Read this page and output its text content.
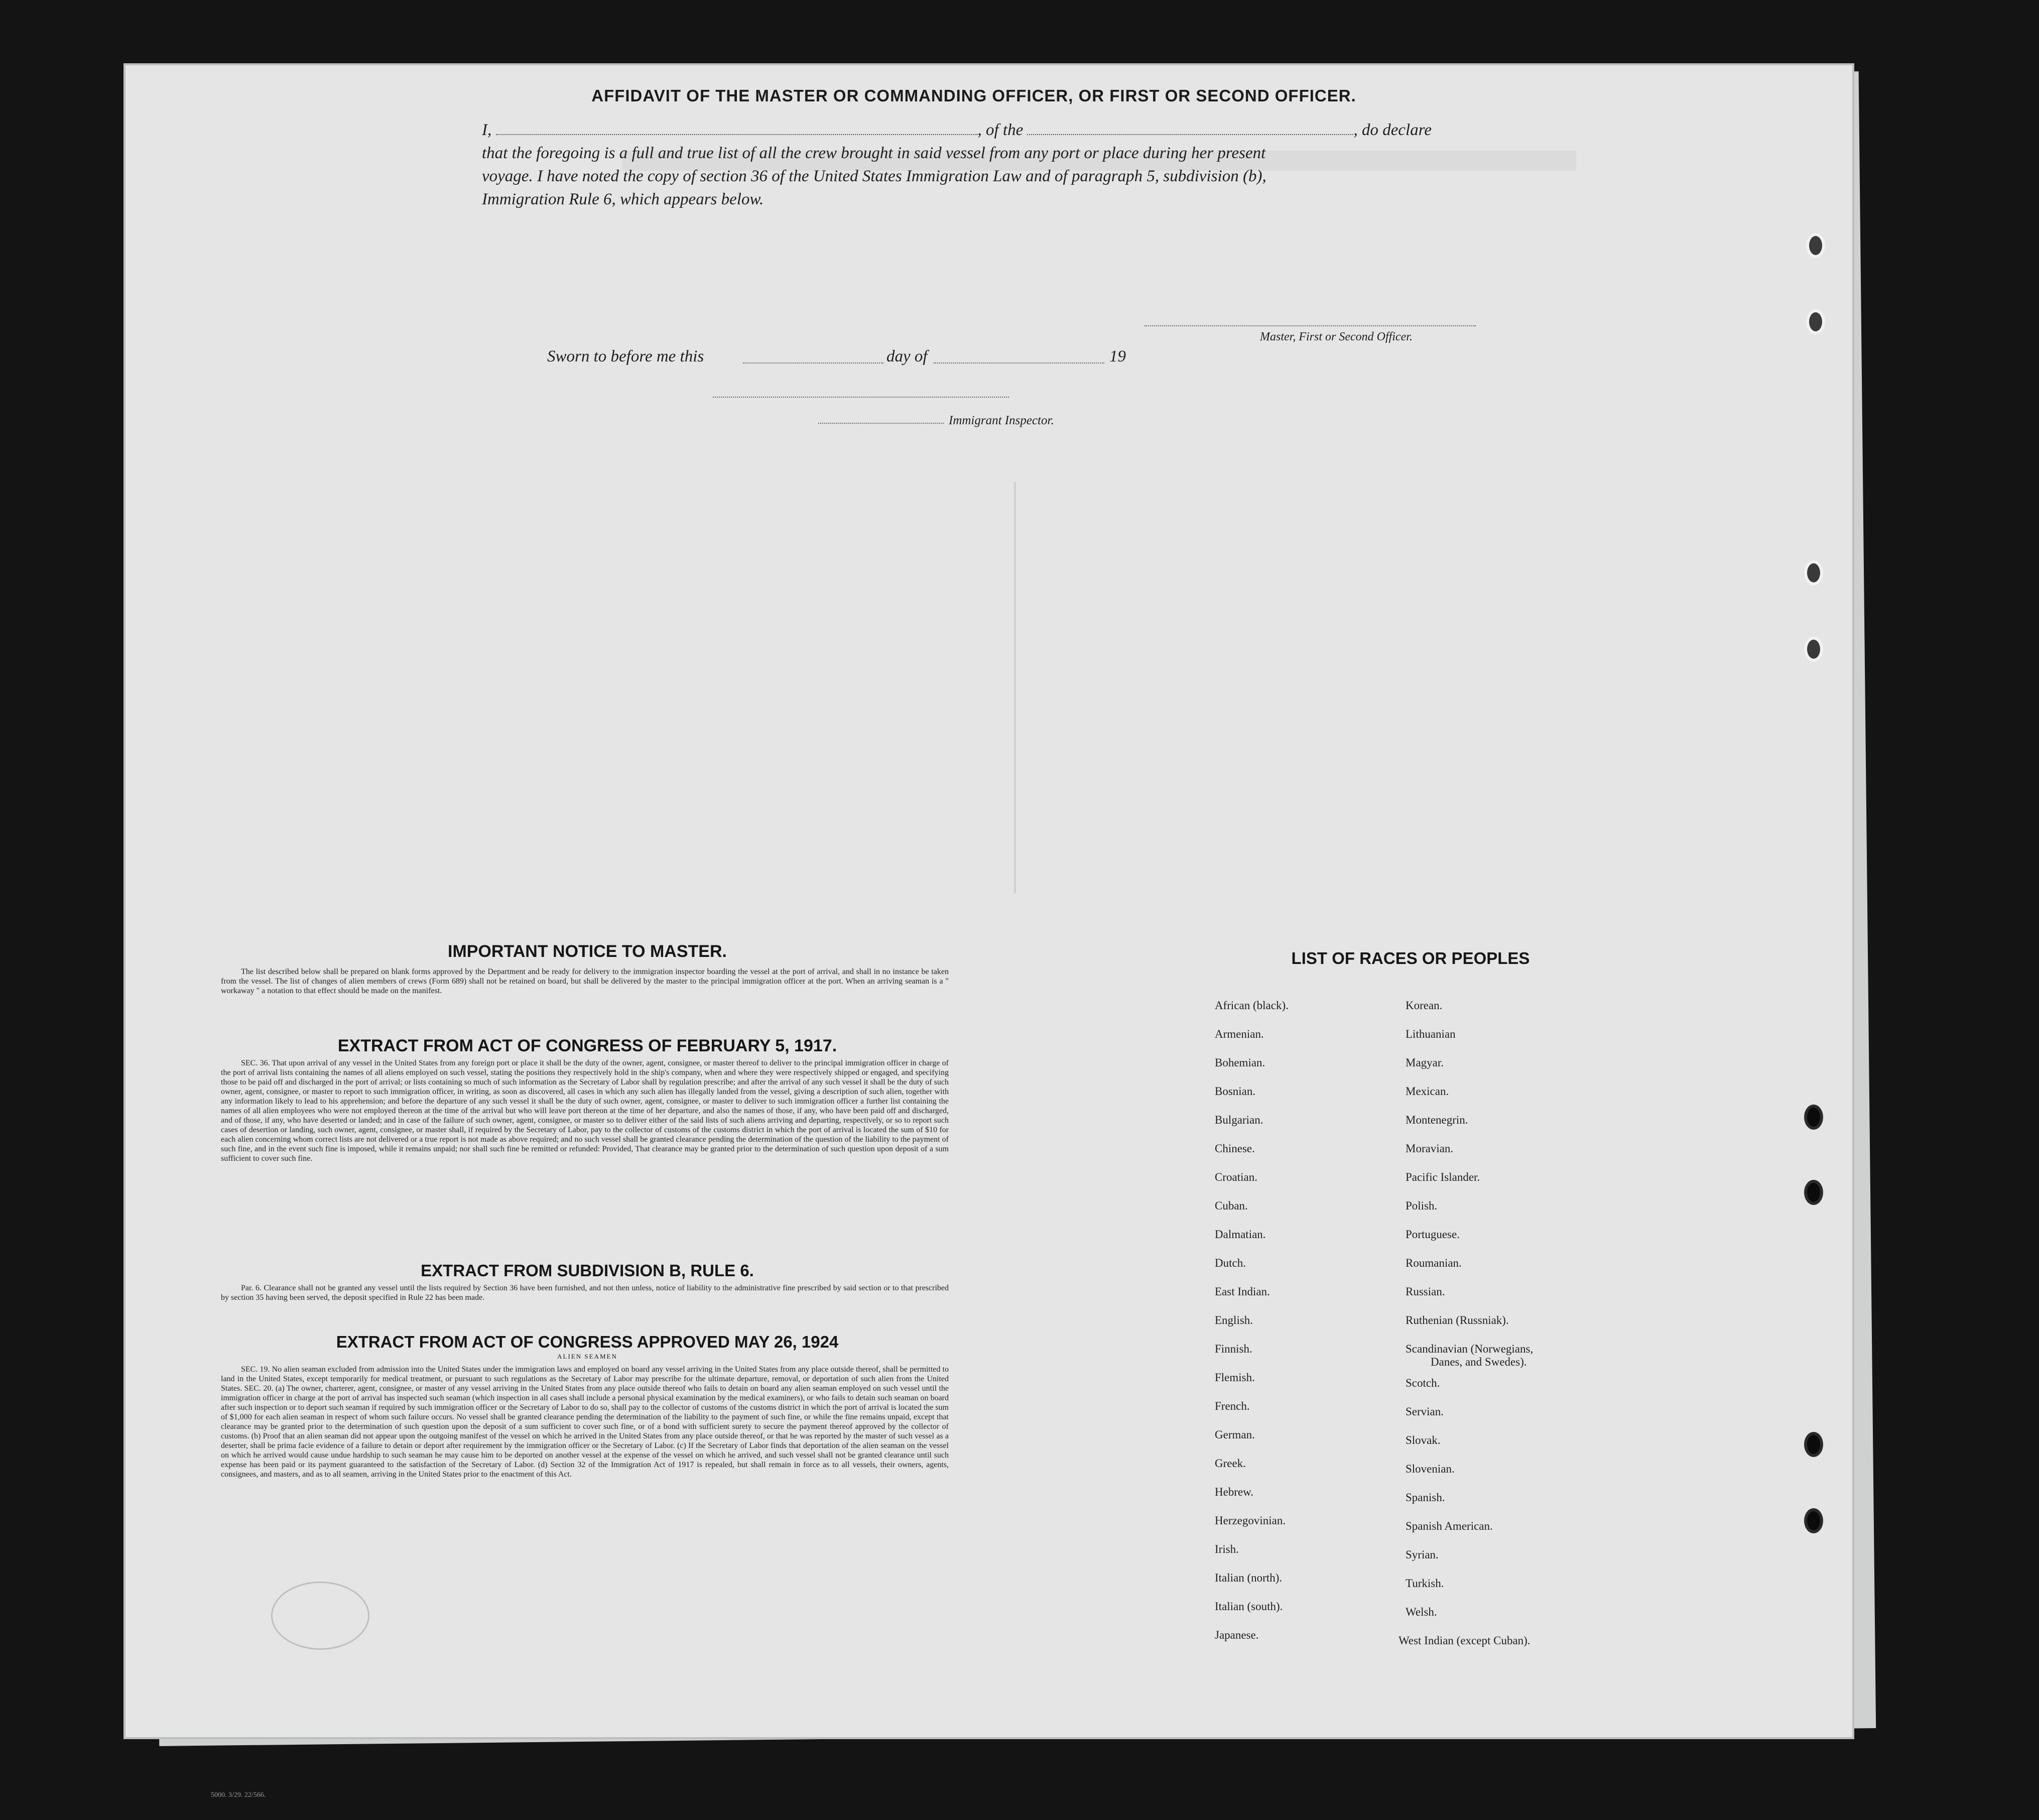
AFFIDAVIT OF THE MASTER OR COMMANDING OFFICER, OR FIRST OR SECOND OFFICER.
I,	, of the	, do declare
that the foregoing is a full and true list of all the crew brought in said vessel from any port or place during her present
voyage. I have noted the copy of section 36 of the United States Immigration Law and of paragraph 5, subdivision (b),
Immigration Rule 6, which appears below.
Master, First or Second Officer.
Sworn to before me this	day of	19
Immigrant Inspector.
IMPORTANT NOTICE TO MASTER.
The list described below shall be prepared on blank forms approved by the Department and be ready for delivery to the immigration inspector boarding the vessel at the port of arrival, and shall in no instance be taken from the vessel. The list of changes of alien members of crews (Form 689) shall not be retained on board, but shall be delivered by the master to the principal immigration officer at the port. When an arriving seaman is a " workaway " a notation to that effect should be made on the manifest.
EXTRACT FROM ACT OF CONGRESS OF FEBRUARY 5, 1917.
SEC. 36. That upon arrival of any vessel in the United States from any foreign port or place it shall be the duty of the owner, agent, consignee, or master thereof to deliver to the principal immigration officer in charge of the port of arrival lists containing the names of all aliens employed on such vessel, stating the positions they respectively hold in the ship's company, when and where they were respectively shipped or engaged, and specifying those to be paid off and discharged in the port of arrival; or lists containing so much of such information as the Secretary of Labor shall by regulation prescribe; and after the arrival of any such vessel it shall be the duty of such owner, agent, consignee, or master to report to such immigration officer, in writing, as soon as discovered, all cases in which any such alien has illegally landed from the vessel, giving a description of such alien, together with any information likely to lead to his apprehension; and before the departure of any such vessel it shall be the duty of such owner, agent, consignee, or master to deliver to such immigration officer a further list containing the names of all alien employees who were not employed thereon at the time of the arrival but who will leave port thereon at the time of her departure, and also the names of those, if any, who have been paid off and discharged, and of those, if any, who have deserted or landed; and in case of the failure of such owner, agent, consignee, or master so to deliver either of the said lists of such aliens arriving and departing, respectively, or so to report such cases of desertion or landing, such owner, agent, consignee, or master shall, if required by the Secretary of Labor, pay to the collector of customs of the customs district in which the port of arrival is located the sum of $10 for each alien concerning whom correct lists are not delivered or a true report is not made as above required; and no such vessel shall be granted clearance pending the determination of the question of the liability to the payment of such fine, and in the event such fine is imposed, while it remains unpaid; nor shall such fine be remitted or refunded: Provided, That clearance may be granted prior to the determination of such question upon deposit of a sum sufficient to cover such fine.
EXTRACT FROM SUBDIVISION B, RULE 6.
Par. 6. Clearance shall not be granted any vessel until the lists required by Section 36 have been furnished, and not then unless, notice of liability to the administrative fine prescribed by said section or to that prescribed by section 35 having been served, the deposit specified in Rule 22 has been made.
EXTRACT FROM ACT OF CONGRESS APPROVED MAY 26, 1924
ALIEN SEAMEN
SEC. 19. No alien seaman excluded from admission into the United States under the immigration laws and employed on board any vessel arriving in the United States from any place outside thereof, shall be permitted to land in the United States, except temporarily for medical treatment, or pursuant to such regulations as the Secretary of Labor may prescribe for the ultimate departure, removal, or deportation of such alien from the United States. SEC. 20. (a) The owner, charterer, agent, consignee, or master of any vessel arriving in the United States from any place outside thereof who fails to detain on board any alien seaman employed on such vessel until the immigration officer in charge at the port of arrival has inspected such seaman (which inspection in all cases shall include a personal physical examination by the medical examiners), or who fails to detain such seaman on board after such inspection or to deport such seaman if required by such immigration officer or the Secretary of Labor to do so, shall pay to the collector of customs of the customs district in which the port of arrival is located the sum of $1,000 for each alien seaman in respect of whom such failure occurs. No vessel shall be granted clearance pending the determination of the liability to the payment of such fine, or while the fine remains unpaid, except that clearance may be granted prior to the determination of such question upon the deposit of a sum sufficient to cover such fine, or of a bond with sufficient surety to secure the payment thereof approved by the collector of customs. (b) Proof that an alien seaman did not appear upon the outgoing manifest of the vessel on which he arrived in the United States from any place outside thereof, or that he was reported by the master of such vessel as a deserter, shall be prima facie evidence of a failure to detain or deport after requirement by the immigration officer or the Secretary of Labor. (c) If the Secretary of Labor finds that deportation of the alien seaman on the vessel on which he arrived would cause undue hardship to such seaman he may cause him to be deported on another vessel at the expense of the vessel on which he arrived, and such vessel shall not be granted clearance until such expense has been paid or its payment guaranteed to the satisfaction of the Secretary of Labor. (d) Section 32 of the Immigration Act of 1917 is repealed, but shall remain in force as to all vessels, their owners, agents, consignees, and masters, and as to all seamen, arriving in the United States prior to the enactment of this Act.
LIST OF RACES OR PEOPLES
African (black).
Armenian.
Bohemian.
Bosnian.
Bulgarian.
Chinese.
Croatian.
Cuban.
Dalmatian.
Dutch.
East Indian.
English.
Finnish.
Flemish.
French.
German.
Greek.
Hebrew.
Herzegovinian.
Irish.
Italian (north).
Italian (south).
Japanese.
Korean.
Lithuanian
Magyar.
Mexican.
Montenegrin.
Moravian.
Pacific Islander.
Polish.
Portuguese.
Roumanian.
Russian.
Ruthenian (Russniak).
Scandinavian (Norwegians,
Danes, and Swedes).
Scotch.
Servian.
Slovak.
Slovenian.
Spanish.
Spanish American.
Syrian.
Turkish.
Welsh.
West Indian (except Cuban).
5000. 3/29. 22/566.
